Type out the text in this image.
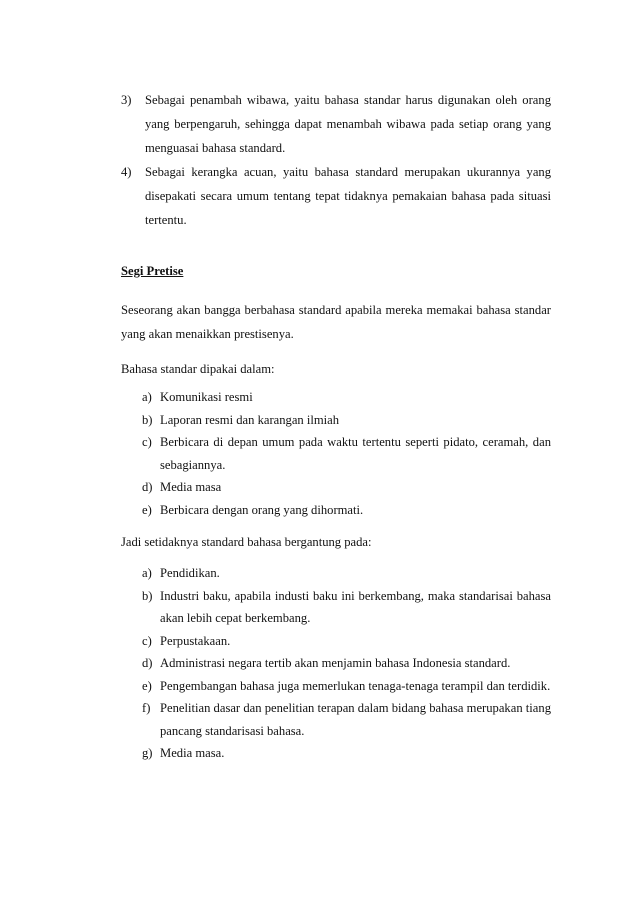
3) Sebagai penambah wibawa, yaitu bahasa standar harus digunakan oleh orang yang berpengaruh, sehingga dapat menambah wibawa pada setiap orang yang menguasai bahasa standard.
4) Sebagai kerangka acuan, yaitu bahasa standard merupakan ukurannya yang disepakati secara umum tentang tepat tidaknya pemakaian bahasa pada situasi tertentu.
Segi Pretise
Seseorang akan bangga berbahasa standard apabila mereka memakai bahasa standar yang akan menaikkan prestisenya.
Bahasa standar dipakai dalam:
a) Komunikasi resmi
b) Laporan resmi dan karangan ilmiah
c) Berbicara di depan umum pada waktu tertentu seperti pidato, ceramah, dan sebagiannya.
d) Media masa
e) Berbicara dengan orang yang dihormati.
Jadi setidaknya standard bahasa bergantung pada:
a) Pendidikan.
b) Industri baku, apabila industi baku ini berkembang, maka standarisai bahasa akan lebih cepat berkembang.
c) Perpustakaan.
d) Administrasi negara tertib akan menjamin bahasa Indonesia standard.
e) Pengembangan bahasa juga memerlukan tenaga-tenaga terampil dan terdidik.
f) Penelitian dasar dan penelitian terapan dalam bidang bahasa merupakan tiang pancang standarisasi bahasa.
g) Media masa.
